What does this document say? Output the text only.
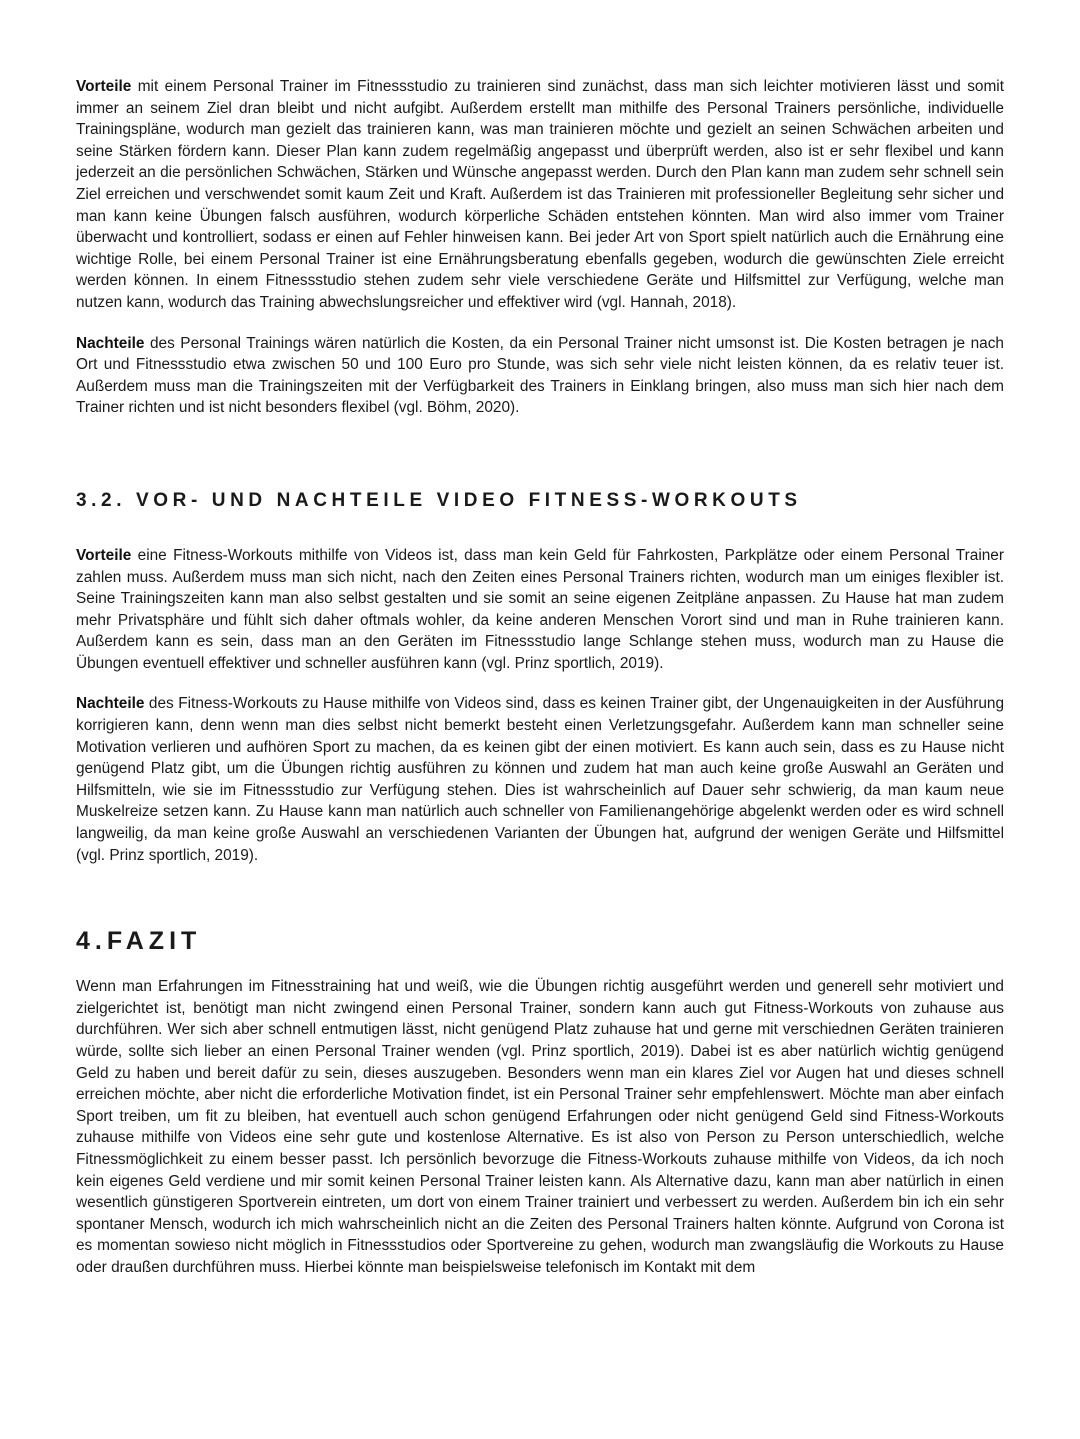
Vorteile mit einem Personal Trainer im Fitnessstudio zu trainieren sind zunächst, dass man sich leichter motivieren lässt und somit immer an seinem Ziel dran bleibt und nicht aufgibt. Außerdem erstellt man mithilfe des Personal Trainers persönliche, individuelle Trainingspläne, wodurch man gezielt das trainieren kann, was man trainieren möchte und gezielt an seinen Schwächen arbeiten und seine Stärken fördern kann. Dieser Plan kann zudem regelmäßig angepasst und überprüft werden, also ist er sehr flexibel und kann jederzeit an die persönlichen Schwächen, Stärken und Wünsche angepasst werden. Durch den Plan kann man zudem sehr schnell sein Ziel erreichen und verschwendet somit kaum Zeit und Kraft. Außerdem ist das Trainieren mit professioneller Begleitung sehr sicher und man kann keine Übungen falsch ausführen, wodurch körperliche Schäden entstehen könnten. Man wird also immer vom Trainer überwacht und kontrolliert, sodass er einen auf Fehler hinweisen kann. Bei jeder Art von Sport spielt natürlich auch die Ernährung eine wichtige Rolle, bei einem Personal Trainer ist eine Ernährungsberatung ebenfalls gegeben, wodurch die gewünschten Ziele erreicht werden können. In einem Fitnessstudio stehen zudem sehr viele verschiedene Geräte und Hilfsmittel zur Verfügung, welche man nutzen kann, wodurch das Training abwechslungsreicher und effektiver wird (vgl. Hannah, 2018).

Nachteile des Personal Trainings wären natürlich die Kosten, da ein Personal Trainer nicht umsonst ist. Die Kosten betragen je nach Ort und Fitnessstudio etwa zwischen 50 und 100 Euro pro Stunde, was sich sehr viele nicht leisten können, da es relativ teuer ist. Außerdem muss man die Trainingszeiten mit der Verfügbarkeit des Trainers in Einklang bringen, also muss man sich hier nach dem Trainer richten und ist nicht besonders flexibel (vgl. Böhm, 2020).

3.2. VOR- UND NACHTEILE VIDEO FITNESS-WORKOUTS

Vorteile eine Fitness-Workouts mithilfe von Videos ist, dass man kein Geld für Fahrkosten, Parkplätze oder einem Personal Trainer zahlen muss. Außerdem muss man sich nicht, nach den Zeiten eines Personal Trainers richten, wodurch man um einiges flexibler ist. Seine Trainingszeiten kann man also selbst gestalten und sie somit an seine eigenen Zeitpläne anpassen. Zu Hause hat man zudem mehr Privatsphäre und fühlt sich daher oftmals wohler, da keine anderen Menschen Vorort sind und man in Ruhe trainieren kann. Außerdem kann es sein, dass man an den Geräten im Fitnessstudio lange Schlange stehen muss, wodurch man zu Hause die Übungen eventuell effektiver und schneller ausführen kann (vgl. Prinz sportlich, 2019).

Nachteile des Fitness-Workouts zu Hause mithilfe von Videos sind, dass es keinen Trainer gibt, der Ungenauigkeiten in der Ausführung korrigieren kann, denn wenn man dies selbst nicht bemerkt besteht einen Verletzungsgefahr. Außerdem kann man schneller seine Motivation verlieren und aufhören Sport zu machen, da es keinen gibt der einen motiviert. Es kann auch sein, dass es zu Hause nicht genügend Platz gibt, um die Übungen richtig ausführen zu können und zudem hat man auch keine große Auswahl an Geräten und Hilfsmitteln, wie sie im Fitnessstudio zur Verfügung stehen. Dies ist wahrscheinlich auf Dauer sehr schwierig, da man kaum neue Muskelreize setzen kann. Zu Hause kann man natürlich auch schneller von Familienangehörige abgelenkt werden oder es wird schnell langweilig, da man keine große Auswahl an verschiedenen Varianten der Übungen hat, aufgrund der wenigen Geräte und Hilfsmittel (vgl. Prinz sportlich, 2019).

4.FAZIT

Wenn man Erfahrungen im Fitnesstraining hat und weiß, wie die Übungen richtig ausgeführt werden und generell sehr motiviert und zielgerichtet ist, benötigt man nicht zwingend einen Personal Trainer, sondern kann auch gut Fitness-Workouts von zuhause aus durchführen. Wer sich aber schnell entmutigen lässt, nicht genügend Platz zuhause hat und gerne mit verschiednen Geräten trainieren würde, sollte sich lieber an einen Personal Trainer wenden (vgl. Prinz sportlich, 2019). Dabei ist es aber natürlich wichtig genügend Geld zu haben und bereit dafür zu sein, dieses auszugeben. Besonders wenn man ein klares Ziel vor Augen hat und dieses schnell erreichen möchte, aber nicht die erforderliche Motivation findet, ist ein Personal Trainer sehr empfehlenswert. Möchte man aber einfach Sport treiben, um fit zu bleiben, hat eventuell auch schon genügend Erfahrungen oder nicht genügend Geld sind Fitness-Workouts zuhause mithilfe von Videos eine sehr gute und kostenlose Alternative. Es ist also von Person zu Person unterschiedlich, welche Fitnessmöglichkeit zu einem besser passt. Ich persönlich bevorzuge die Fitness-Workouts zuhause mithilfe von Videos, da ich noch kein eigenes Geld verdiene und mir somit keinen Personal Trainer leisten kann. Als Alternative dazu, kann man aber natürlich in einen wesentlich günstigeren Sportverein eintreten, um dort von einem Trainer trainiert und verbessert zu werden. Außerdem bin ich ein sehr spontaner Mensch, wodurch ich mich wahrscheinlich nicht an die Zeiten des Personal Trainers halten könnte. Aufgrund von Corona ist es momentan sowieso nicht möglich in Fitnessstudios oder Sportvereine zu gehen, wodurch man zwangsläufig die Workouts zu Hause oder draußen durchführen muss. Hierbei könnte man beispielsweise telefonisch im Kontakt mit dem
